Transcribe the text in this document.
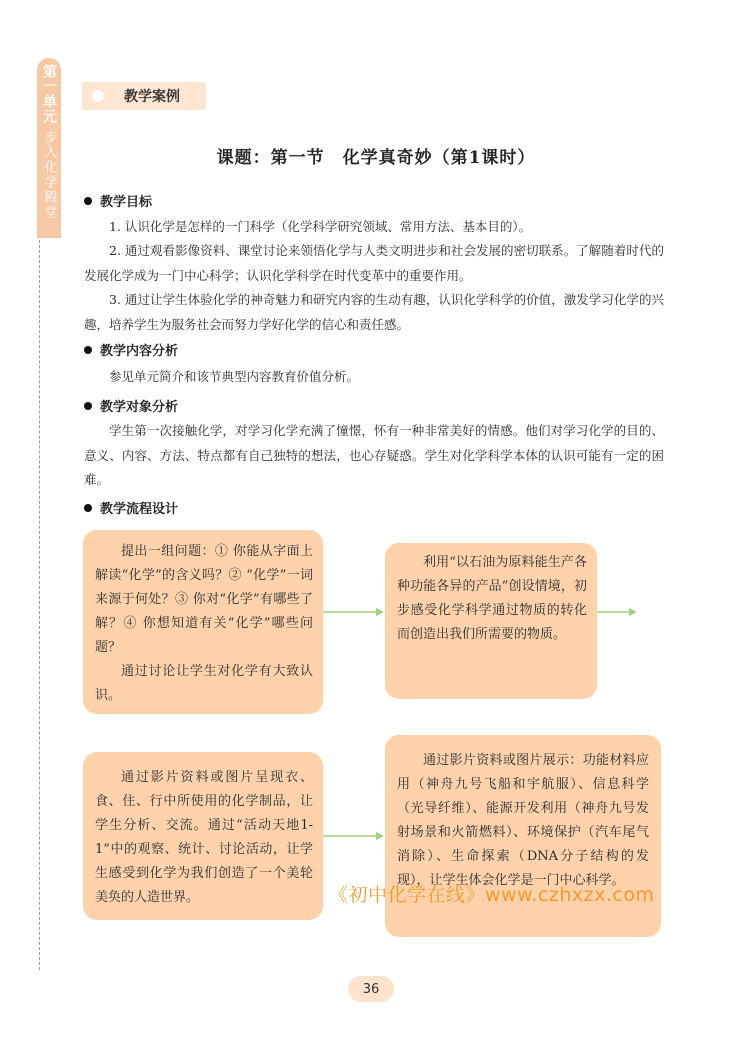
第一单元
步入化学殿堂
教学案例
课题：第一节　化学真奇妙（第1课时）
教学目标

1. 认识化学是怎样的一门科学（化学科学研究领域、常用方法、基本目的）。

2. 通过观看影像资料、课堂讨论来领悟化学与人类文明进步和社会发展的密切联系。了解随着时代的发展化学成为一门中心科学；认识化学科学在时代变革中的重要作用。

3. 通过让学生体验化学的神奇魅力和研究内容的生动有趣，认识化学科学的价值，激发学习化学的兴趣，培养学生为服务社会而努力学好化学的信心和责任感。

教学内容分析

参见单元简介和该节典型内容教育价值分析。

教学对象分析

学生第一次接触化学，对学习化学充满了憧憬，怀有一种非常美好的情感。他们对学习化学的目的、意义、内容、方法、特点都有自己独特的想法，也心存疑惑。学生对化学科学本体的认识可能有一定的困难。

教学流程设计

提出一组问题：① 你能从字面上解读“化学”的含义吗？② “化学”一词来源于何处？③ 你对“化学”有哪些了解？④ 你想知道有关“化学”哪些问题？

通过讨论让学生对化学有大致认识。

利用“以石油为原料能生产各种功能各异的产品”创设情境，初步感受化学科学通过物质的转化而创造出我们所需要的物质。

通过影片资料或图片呈现衣、食、住、行中所使用的化学制品，让学生分析、交流。通过“活动天地1-1”中的观察、统计、讨论活动，让学生感受到化学为我们创造了一个美轮美奂的人造世界。

通过影片资料或图片展示：功能材料应用（神舟九号飞船和宇航服）、信息科学（光导纤维）、能源开发利用（神舟九号发射场景和火箭燃料）、环境保护（汽车尾气消除）、生命探索（DNA分子结构的发现），让学生体会化学是一门中心科学。

《初中化学在线》www.czhxzx.com
36
